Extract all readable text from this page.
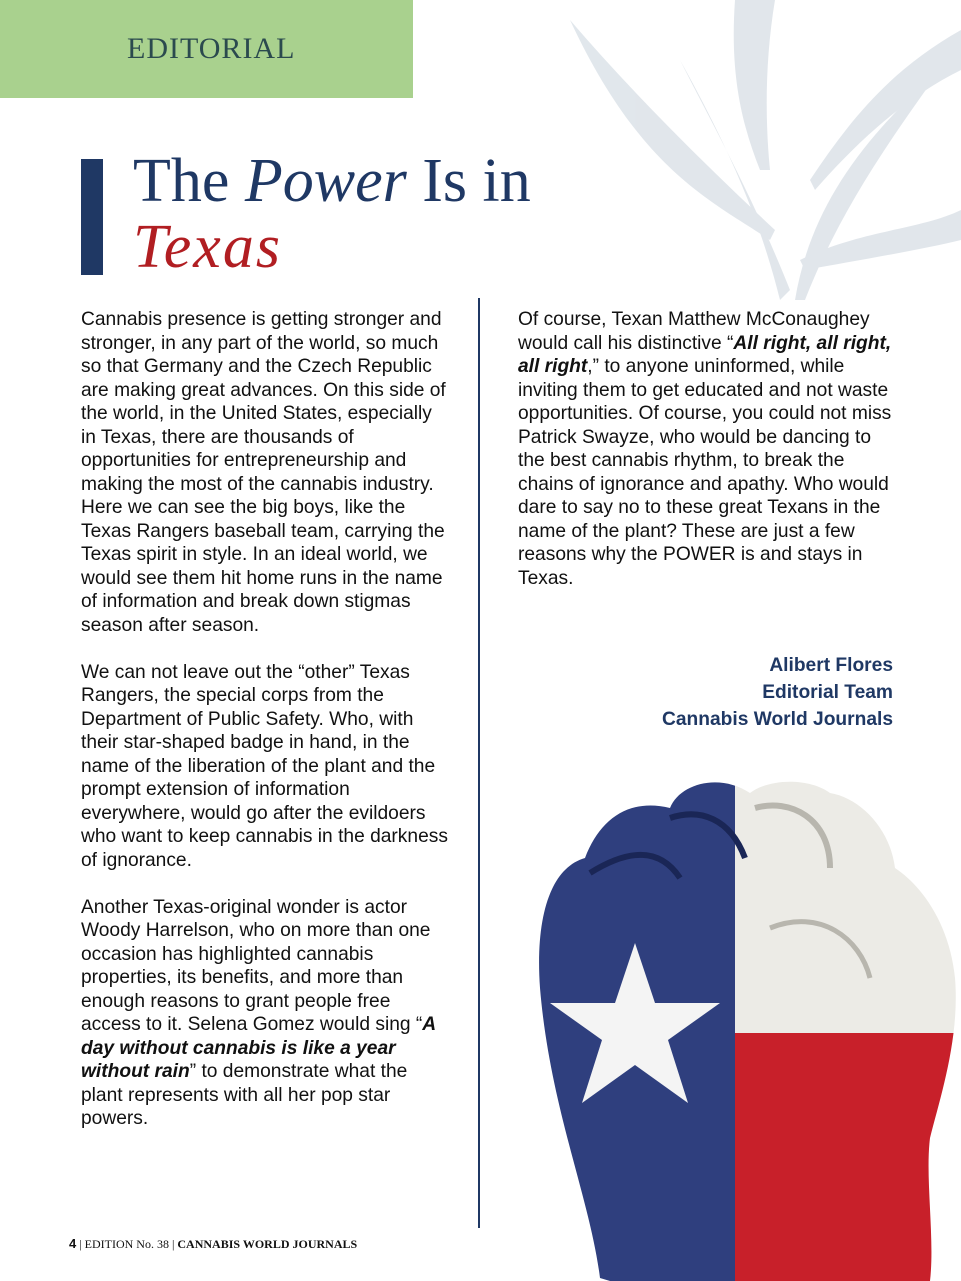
EDITORIAL
The Power Is in
Texas

Cannabis presence is getting stronger and stronger, in any part of the world, so much so that Germany and the Czech Republic are making great advances. On this side of the world, in the United States, especially in Texas, there are thousands of opportunities for entrepreneurship and making the most of the cannabis industry. Here we can see the big boys, like the Texas Rangers baseball team, carrying the Texas spirit in style. In an ideal world, we would see them hit home runs in the name of information and break down stigmas season after season.

We can not leave out the “other” Texas Rangers, the special corps from the Department of Public Safety. Who, with their star-shaped badge in hand, in the name of the liberation of the plant and the prompt extension of information everywhere, would go after the evildoers who want to keep cannabis in the darkness of ignorance.

Another Texas-original wonder is actor Woody Harrelson, who on more than one occasion has highlighted cannabis properties, its benefits, and more than enough reasons to grant people free access to it. Selena Gomez would sing “A day without cannabis is like a year without rain” to demonstrate what the plant represents with all her pop star powers.

Of course, Texan Matthew McConaughey would call his distinctive “All right, all right, all right,” to anyone uninformed, while inviting them to get educated and not waste opportunities. Of course, you could not miss Patrick Swayze, who would be dancing to the best cannabis rhythm, to break the chains of ignorance and apathy. Who would dare to say no to these great Texans in the name of the plant? These are just a few reasons why the POWER is and stays in Texas.

Alibert Flores
Editorial Team
Cannabis World Journals
4 | EDITION No. 38 | CANNABIS WORLD JOURNALS
